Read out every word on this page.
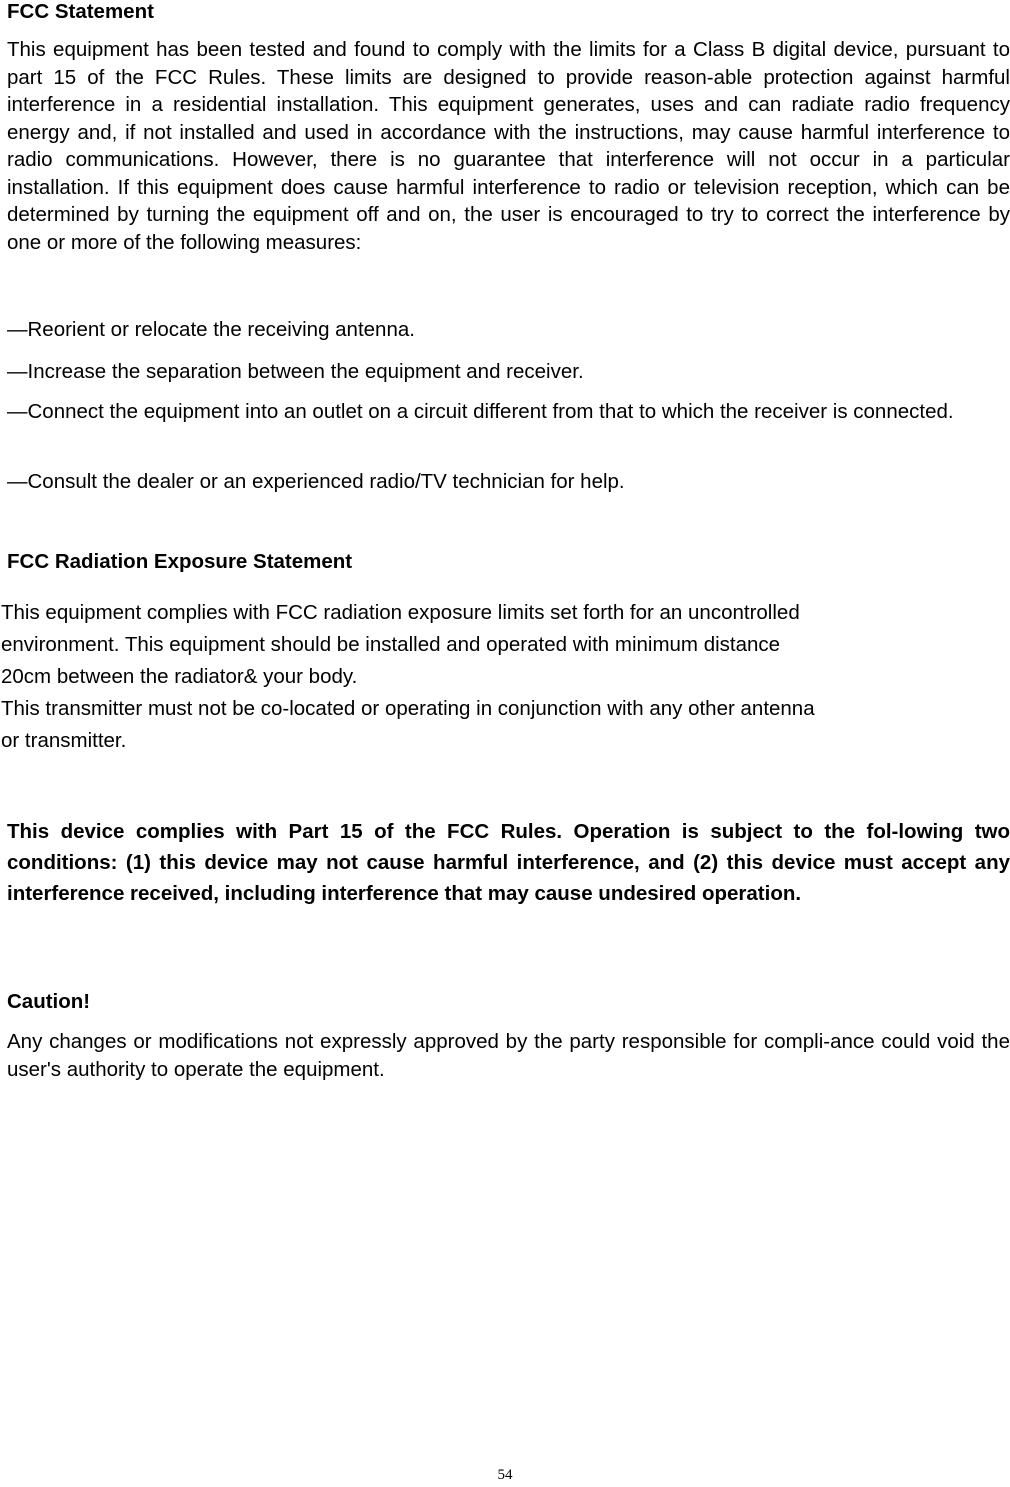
FCC Statement
This equipment has been tested and found to comply with the limits for a Class B digital device, pursuant to part 15 of the FCC Rules. These limits are designed to provide reason-able protection against harmful interference in a residential installation. This equipment generates, uses and can radiate radio frequency energy and, if not installed and used in accordance with the instructions, may cause harmful interference to radio communications. However, there is no guarantee that interference will not occur in a particular installation. If this equipment does cause harmful interference to radio or television reception, which can be determined by turning the equipment off and on, the user is encouraged to try to correct the interference by one or more of the following measures:
—Reorient or relocate the receiving antenna.
—Increase the separation between the equipment and receiver.
—Connect the equipment into an outlet on a circuit different from that to which the receiver is connected.
—Consult the dealer or an experienced radio/TV technician for help.
FCC Radiation Exposure Statement
This equipment complies with FCC radiation exposure limits set forth for an uncontrolled
environment. This equipment should be installed and operated with minimum distance
20cm between the radiator& your body.
This transmitter must not be co-located or operating in conjunction with any other antenna
or transmitter.
This device complies with Part 15 of the FCC Rules. Operation is subject to the fol-lowing two conditions: (1) this device may not cause harmful interference, and (2) this device must accept any interference received, including interference that may cause undesired operation.
Caution!
Any changes or modifications not expressly approved by the party responsible for compli-ance could void the user's authority to operate the equipment.
54
